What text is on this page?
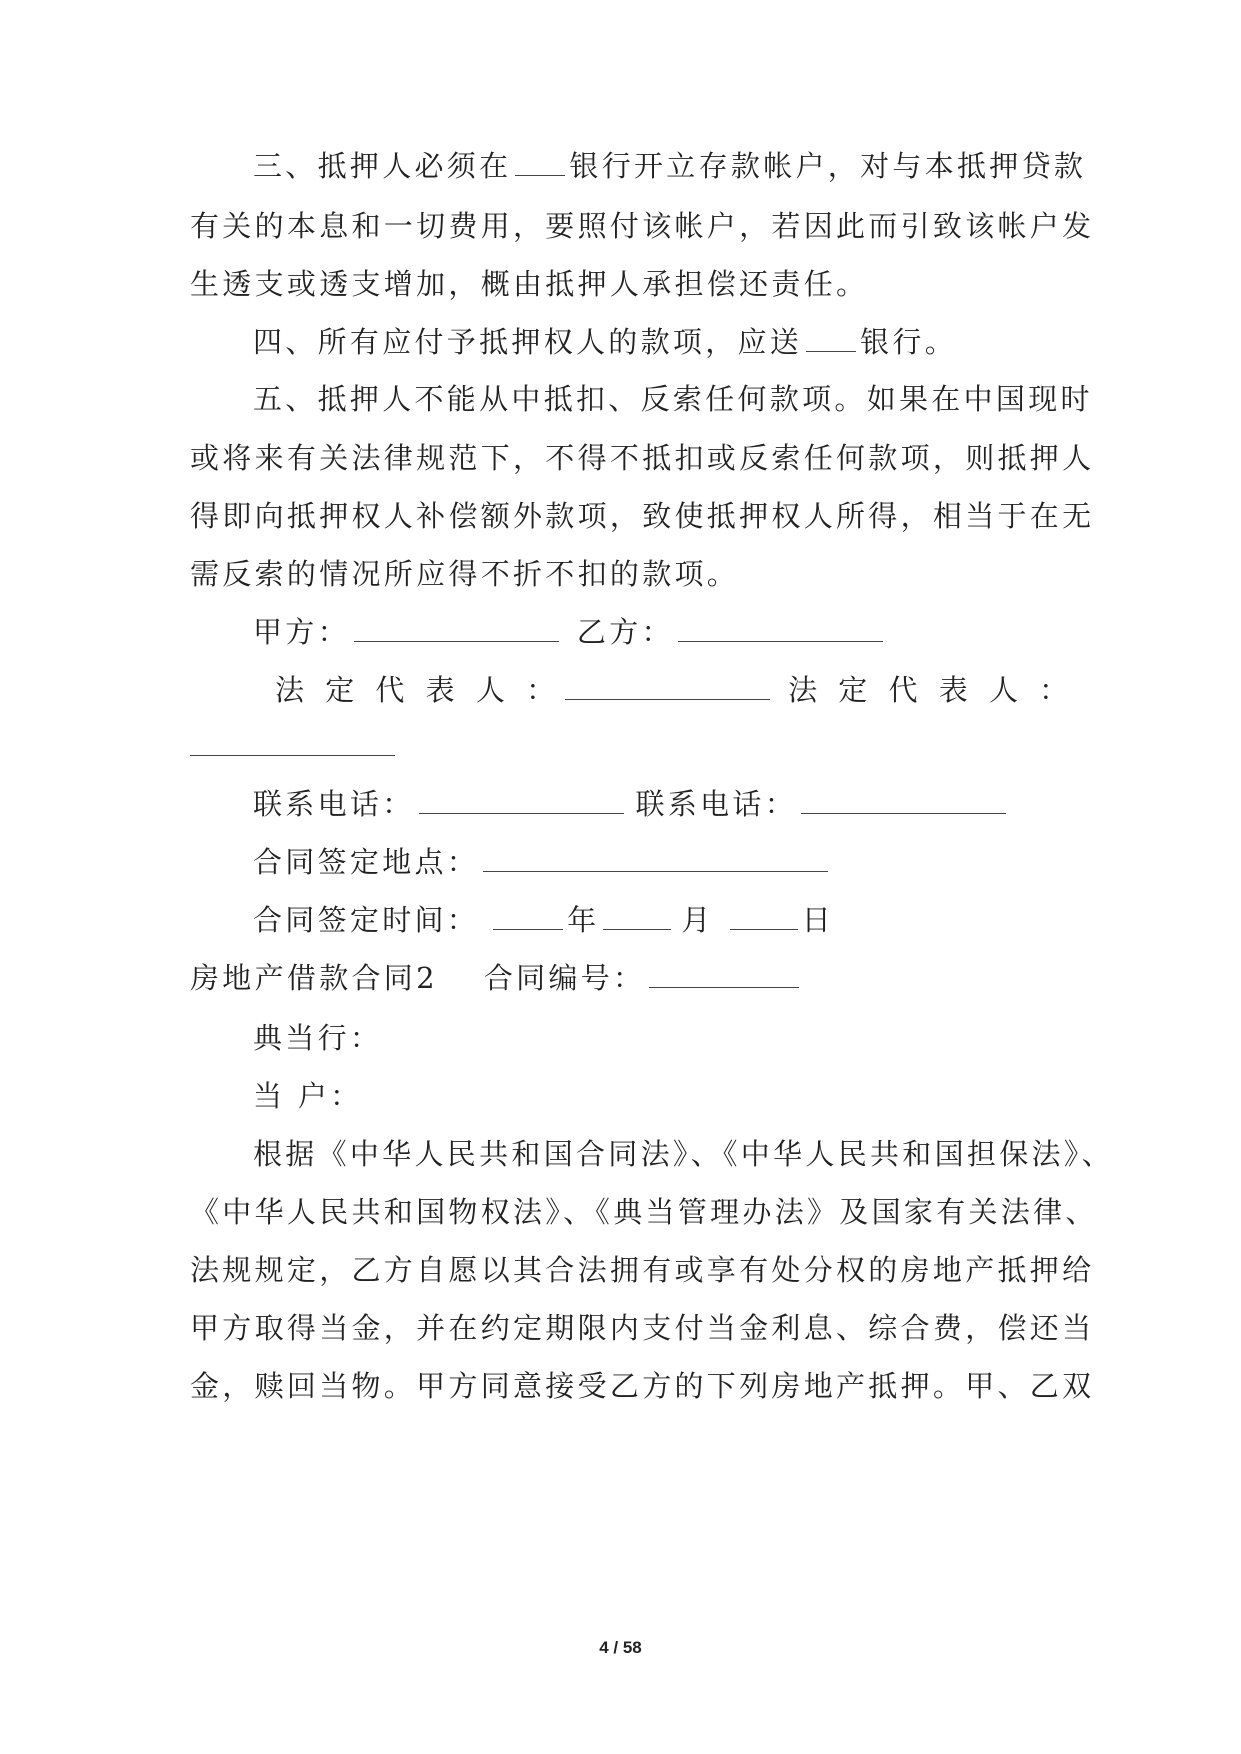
三、抵押人必须在 银行开立存款帐户，对与本抵押贷款
有关的本息和一切费用，要照付该帐户，若因此而引致该帐户发
生透支或透支增加，概由抵押人承担偿还责任。
四、所有应付予抵押权人的款项，应送 银行。
五、抵押人不能从中抵扣、反索任何款项。如果在中国现时
或将来有关法律规范下，不得不抵扣或反索任何款项，则抵押人
得即向抵押权人补偿额外款项，致使抵押权人所得，相当于在无
需反索的情况所应得不折不扣的款项。
甲方：	乙方：
法 定 代 表 人 ：	法 定 代 表 人 ：
联系电话：	联系电话：
合同签定地点：
合同签定时间：	年	月	日
房地产借款合同2 合同编号：
典当行：
当 户：
根据《中华人民共和国合同法》、《中华人民共和国担保法》、
《中华人民共和国物权法》、《典当管理办法》及国家有关法律、
法规规定，乙方自愿以其合法拥有或享有处分权的房地产抵押给
甲方取得当金，并在约定期限内支付当金利息、综合费，偿还当
金，赎回当物。甲方同意接受乙方的下列房地产抵押。甲、乙双
4 / 58
